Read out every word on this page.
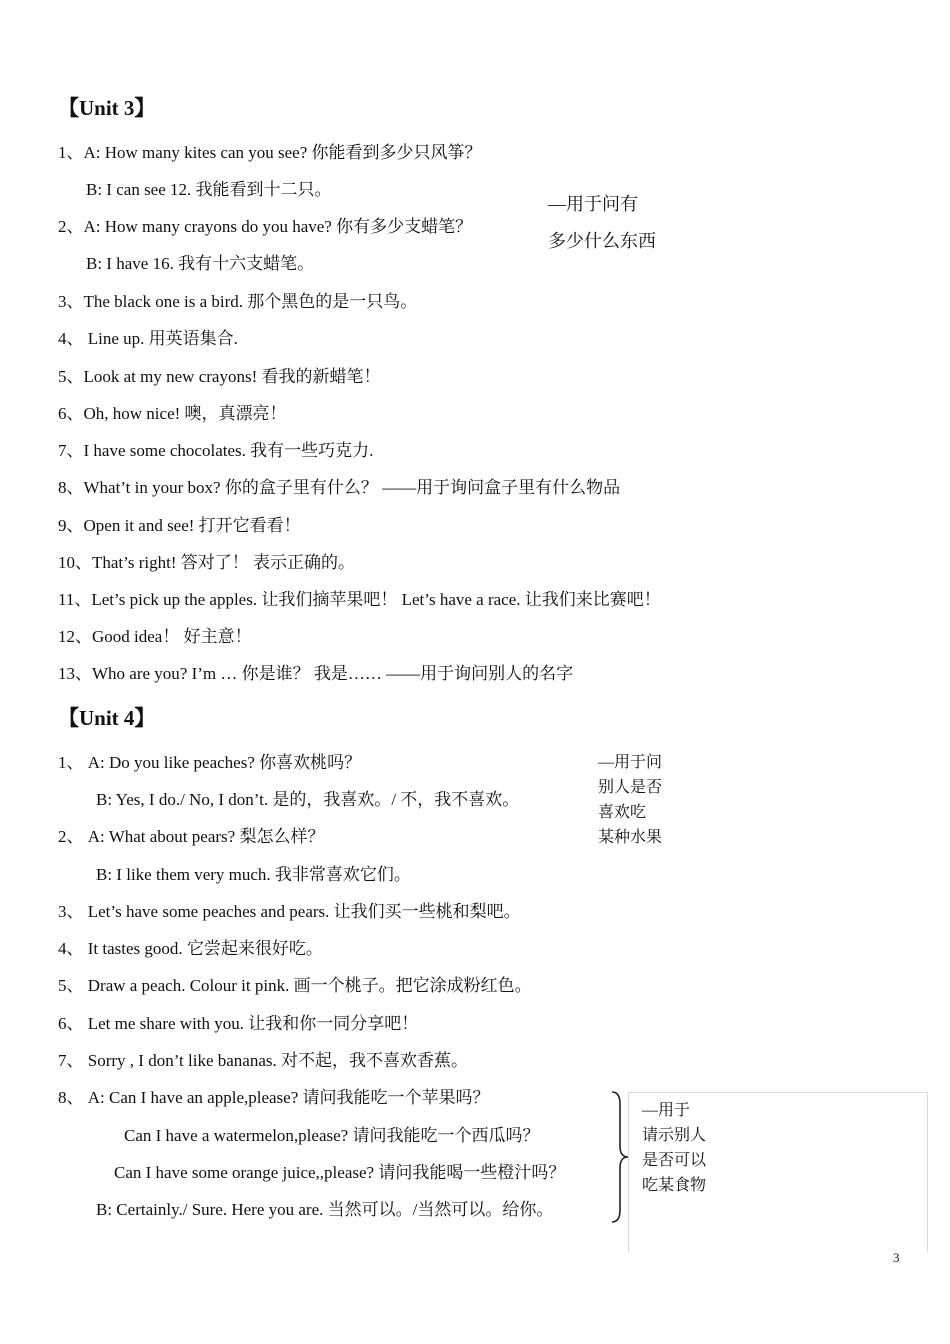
【Unit 3】
1、A: How many kites can you see? 你能看到多少只风筝？
B: I can see 12. 我能看到十二只。
2、A: How many crayons do you have? 你有多少支蜡笔？
B: I have 16. 我有十六支蜡笔。
3、The black one is a bird. 那个黑色的是一只鸟。
4、 Line up. 用英语集合.
5、Look at my new crayons! 看我的新蜡笔！
6、Oh, how nice! 噢，真漂亮！
7、I have some chocolates. 我有一些巧克力.
8、What’t in your box? 你的盒子里有什么？ ——用于询问盒子里有什么物品
9、Open it and see! 打开它看看！
10、That’s right! 答对了！ 表示正确的。
11、Let’s pick up the apples. 让我们摘苹果吧！ Let’s have a race. 让我们来比赛吧！
12、Good idea！ 好主意！
13、Who are you? I’m … 你是谁？ 我是…… ——用于询问别人的名字
—用于问有
多少什么东西
【Unit 4】
1、 A: Do you like peaches? 你喜欢桃吗？
B: Yes, I do./ No, I don’t. 是的，我喜欢。/ 不，我不喜欢。
2、 A: What about pears? 梨怎么样？
B: I like them very much. 我非常喜欢它们。
3、 Let’s have some peaches and pears. 让我们买一些桃和梨吧。
4、 It tastes good. 它尝起来很好吃。
5、 Draw a peach. Colour it pink. 画一个桃子。把它涂成粉红色。
6、 Let me share with you. 让我和你一同分享吧！
7、 Sorry , I don’t like bananas. 对不起，我不喜欢香蕉。
8、 A: Can I have an apple,please? 请问我能吃一个苹果吗？
Can I have a watermelon,please? 请问我能吃一个西瓜吗？
Can I have some orange juice,,please? 请问我能喝一些橙汁吗？
B: Certainly./ Sure. Here you are. 当然可以。/当然可以。给你。
—用于问
别人是否
喜欢吃
某种水果
—用于
请示别人
是否可以
吃某食物
3
